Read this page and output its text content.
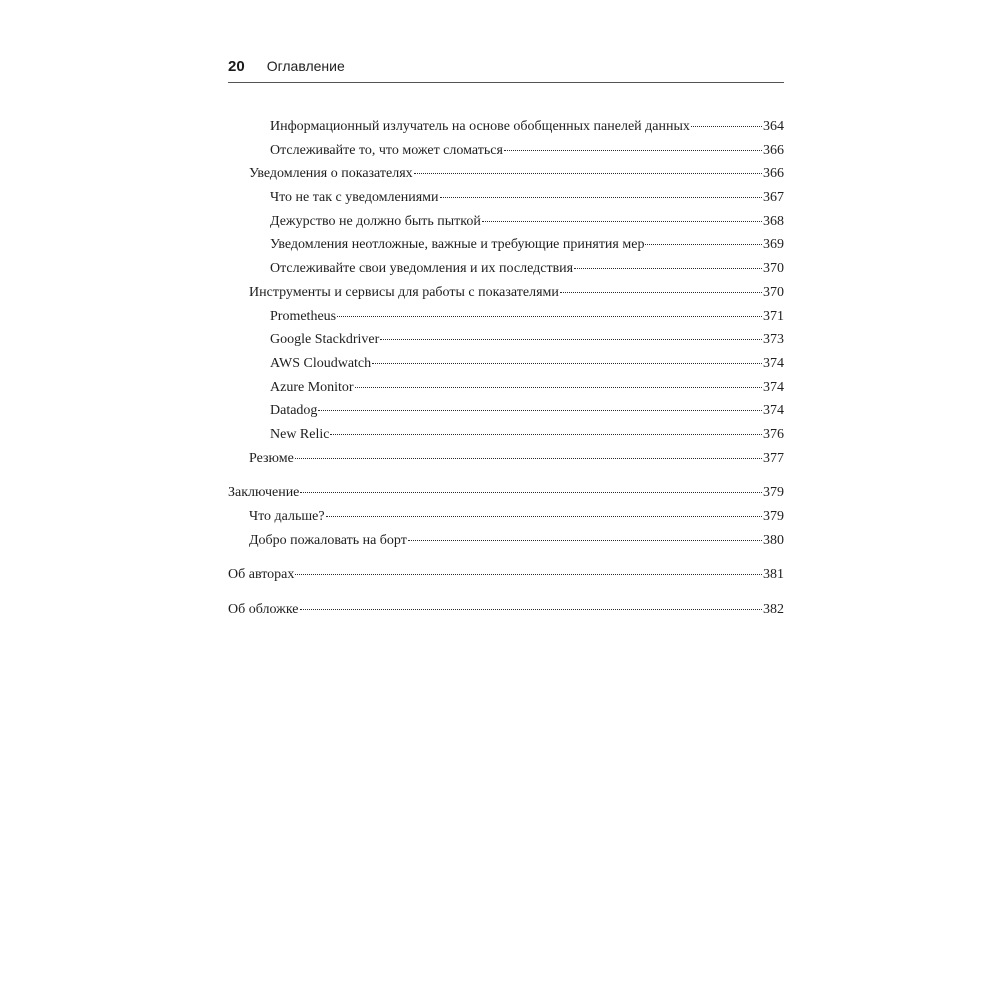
20 Оглавление
Информационный излучатель на основе обобщенных панелей данных	364
Отслеживайте то, что может сломаться	366
Уведомления о показателях	366
Что не так с уведомлениями	367
Дежурство не должно быть пыткой	368
Уведомления неотложные, важные и требующие принятия мер	369
Отслеживайте свои уведомления и их последствия	370
Инструменты и сервисы для работы с показателями	370
Prometheus	371
Google Stackdriver	373
AWS Cloudwatch	374
Azure Monitor	374
Datadog	374
New Relic	376
Резюме	377
Заключение	379
Что дальше?	379
Добро пожаловать на борт	380
Об авторах	381
Об обложке	382
